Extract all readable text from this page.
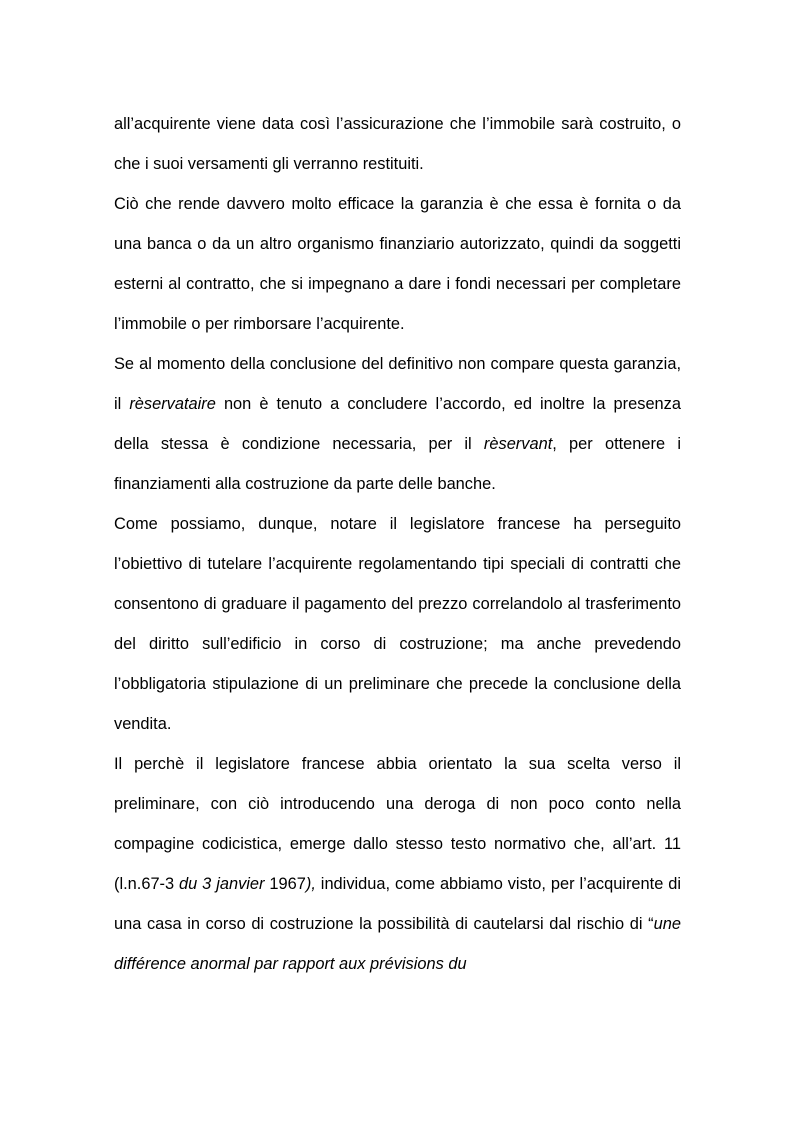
all’acquirente viene data così l’assicurazione che l’immobile sarà costruito, o che i suoi versamenti gli verranno restituiti.

Ciò che rende davvero molto efficace la garanzia è che essa è fornita o da una banca o da un altro organismo finanziario autorizzato, quindi da soggetti esterni al contratto, che si impegnano a dare i fondi necessari per completare l’immobile o per rimborsare l’acquirente.

Se al momento della conclusione del definitivo non compare questa garanzia, il rèservataire non è tenuto a concludere l’accordo, ed inoltre la presenza della stessa è condizione necessaria, per il rèservant, per ottenere i finanziamenti alla costruzione da parte delle banche.

Come possiamo, dunque, notare il legislatore francese ha perseguito l’obiettivo di tutelare l’acquirente regolamentando tipi speciali di contratti che consentono di graduare il pagamento del prezzo correlandolo al trasferimento del diritto sull’edificio in corso di costruzione; ma anche prevedendo l’obbligatoria stipulazione di un preliminare che precede la conclusione della vendita.

Il perchè il legislatore francese abbia orientato la sua scelta verso il preliminare, con ciò introducendo una deroga di non poco conto nella compagine codicistica, emerge dallo stesso testo normativo che, all’art. 11 (l.n.67-3 du 3 janvier 1967), individua, come abbiamo visto, per l’acquirente di una casa in corso di costruzione la possibilità di cautelarsi dal rischio di “une différence anormal par rapport aux prévisions du
